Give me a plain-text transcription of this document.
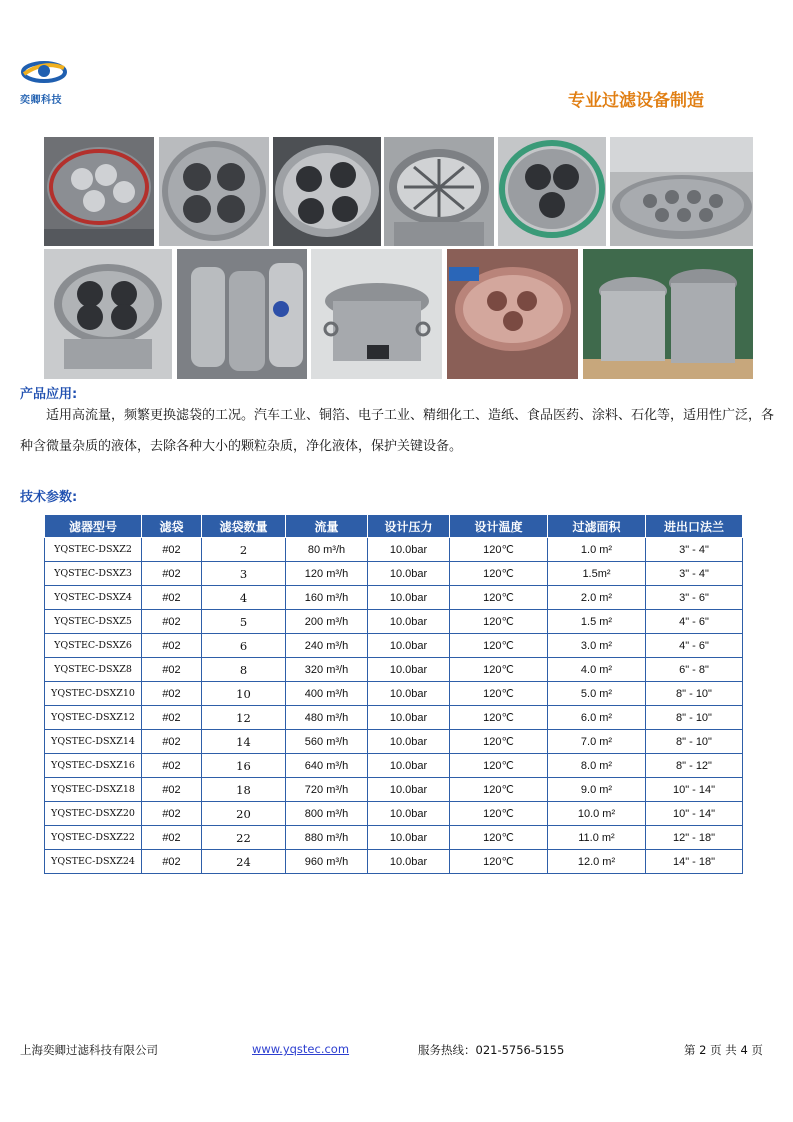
奕卿科技	专业过滤设备制造
产品应用:
适用高流量，频繁更换滤袋的工况。汽车工业、铜箔、电子工业、精细化工、造纸、食品医药、涂料、石化等，适用性广泛，各种含微量杂质的液体，去除各种大小的颗粒杂质，净化液体，保护关键设备。
技术参数:
滤器型号	滤袋	滤袋数量	流量	设计压力	设计温度	过滤面积	进出口法兰
YQSTEC-DSXZ2	#02	2	80 m³/h	10.0bar	120℃	1.0 m²	3" - 4"
YQSTEC-DSXZ3	#02	3	120 m³/h	10.0bar	120℃	1.5m²	3" - 4"
YQSTEC-DSXZ4	#02	4	160 m³/h	10.0bar	120℃	2.0 m²	3" - 6"
YQSTEC-DSXZ5	#02	5	200 m³/h	10.0bar	120℃	1.5 m²	4" - 6"
YQSTEC-DSXZ6	#02	6	240 m³/h	10.0bar	120℃	3.0 m²	4" - 6"
YQSTEC-DSXZ8	#02	8	320 m³/h	10.0bar	120℃	4.0 m²	6" - 8"
YQSTEC-DSXZ10	#02	10	400 m³/h	10.0bar	120℃	5.0 m²	8" - 10"
YQSTEC-DSXZ12	#02	12	480 m³/h	10.0bar	120℃	6.0 m²	8" - 10"
YQSTEC-DSXZ14	#02	14	560 m³/h	10.0bar	120℃	7.0 m²	8" - 10"
YQSTEC-DSXZ16	#02	16	640 m³/h	10.0bar	120℃	8.0 m²	8" - 12"
YQSTEC-DSXZ18	#02	18	720 m³/h	10.0bar	120℃	9.0 m²	10" - 14"
YQSTEC-DSXZ20	#02	20	800 m³/h	10.0bar	120℃	10.0 m²	10" - 14"
YQSTEC-DSXZ22	#02	22	880 m³/h	10.0bar	120℃	11.0 m²	12" - 18"
YQSTEC-DSXZ24	#02	24	960 m³/h	10.0bar	120℃	12.0 m²	14" - 18"
上海奕卿过滤科技有限公司	www.yqstec.com	服务热线：021-5756-5155	第 2 页 共 4 页
